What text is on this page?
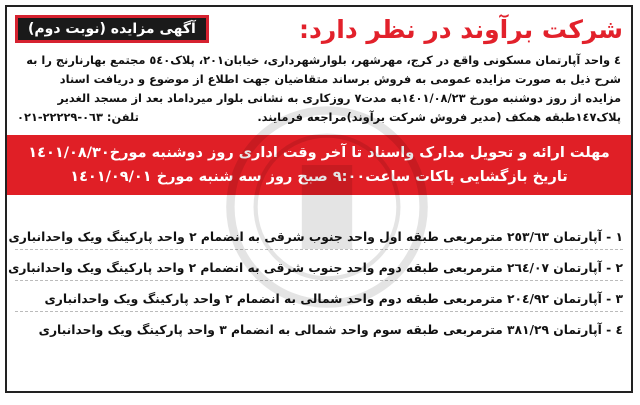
شرکت برآوند در نظر دارد:
آگهی مزایده (نوبت دوم)
٤ واحد آپارتمان مسکونی واقع در کرج، مهرشهر، بلوارشهرداری، خیابان٢٠١، پلاک٥٤٠ مجتمع بهارنارنج را به
شرح ذیل به صورت مزایده عمومی به فروش برساند متقاضیان جهت اطلاع از موضوع و دریافت اسناد
مزایده از روز دوشنبه مورخ ١٤٠١/٠٨/٢٣به مدت٧ روزکاری به نشانی بلوار میرداماد بعد از مسجد الغدیر
پلاک١٤٧طبقه همکف (مدیر فروش شرکت برآوند)مراجعه فرمایند.
تلفن: ٠٦٣-٢٢٢٢٩-٠٢١
مهلت ارائه و تحویل مدارک واسناد تا آخر وقت اداری روز دوشنبه مورخ١٤٠١/٠٨/٣٠
تاریخ بازگشایی پاکات ساعت٩:٠٠ صبح روز سه شنبه مورخ ١٤٠١/٠٩/٠١
١ - آپارتمان ٢٥٣/٦٣ مترمربعی طبقه اول واحد جنوب شرقی به انضمام ٢ واحد پارکینگ ویک واحدانباری
٢ - آپارتمان ٢٦٤/٠٧ مترمربعی طبقه دوم واحد جنوب شرقی به انضمام ٢ واحد پارکینگ ویک واحدانباری
٣ - آپارتمان ٢٠٤/٩٢ مترمربعی طبقه دوم واحد شمالی به انضمام ٢ واحد پارکینگ ویک واحدانباری
٤ - آپارتمان ٣٨١/٢٩ مترمربعی طبقه سوم واحد شمالی به انضمام ٣ واحد پارکینگ ویک واحدانباری
